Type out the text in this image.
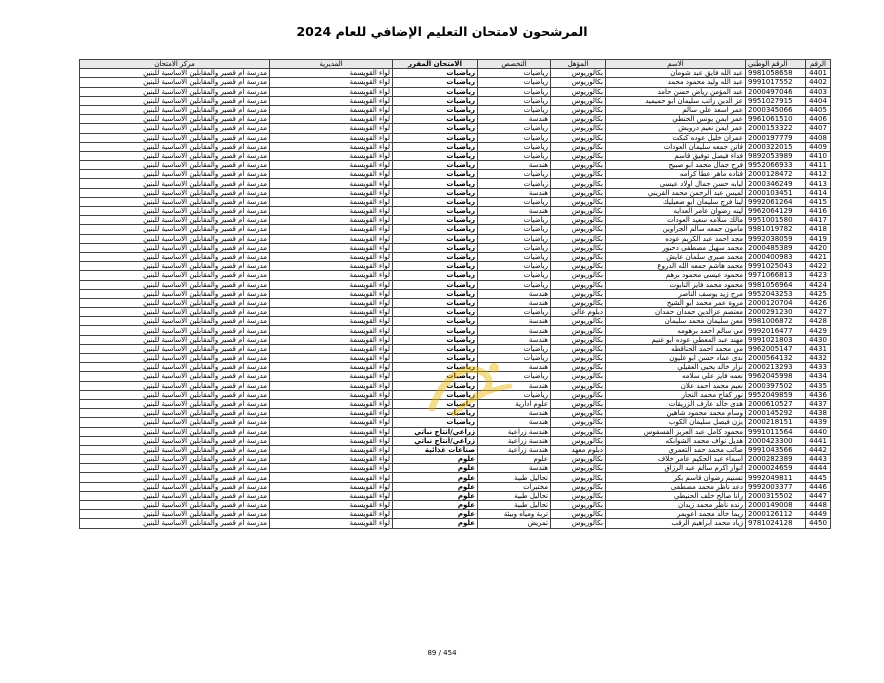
المرشحون لامتحان التعليم الإضافي للعام 2024
الرقم	الرقم الوطني	الاسم	المؤهل	التخصص	الامتحان المقرر	المديرية	مركز الامتحان
4401	9981058658	عبد الله فايق عبد شومان	بكالوريوس	رياضيات	رياضيات	لواء القويسمة	مدرسة ام قصير والمقابلين الاساسية للبنين
4402	9991017552	عبد الله وليد محمود محمد	بكالوريوس	رياضيات	رياضيات	لواء القويسمة	مدرسة ام قصير والمقابلين الاساسية للبنين
4403	2000497046	عبد المؤمن رياض حسن حامد	بكالوريوس	رياضيات	رياضيات	لواء القويسمة	مدرسة ام قصير والمقابلين الاساسية للبنين
4404	9951027915	عز الدين راتب سليمان ابو حميميد	بكالوريوس	رياضيات	رياضيات	لواء القويسمة	مدرسة ام قصير والمقابلين الاساسية للبنين
4405	2000345066	عمر اسعد علي سالم	بكالوريوس	رياضيات	رياضيات	لواء القويسمة	مدرسة ام قصير والمقابلين الاساسية للبنين
4406	9961061510	عمر ايمن يونس الحنطي	بكالوريوس	هندسة	رياضيات	لواء القويسمة	مدرسة ام قصير والمقابلين الاساسية للبنين
4407	2000153322	عمر ايمن نعيم درويش	بكالوريوس	رياضيات	رياضيات	لواء القويسمة	مدرسة ام قصير والمقابلين الاساسية للبنين
4408	2000197779	عمران خليل عوده كنكت	بكالوريوس	رياضيات	رياضيات	لواء القويسمة	مدرسة ام قصير والمقابلين الاساسية للبنين
4409	2000322015	فاتن جمعه سليمان العودات	بكالوريوس	رياضيات	رياضيات	لواء القويسمة	مدرسة ام قصير والمقابلين الاساسية للبنين
4410	9892053989	فداء فيصل توفيق قاسم	بكالوريوس	رياضيات	رياضيات	لواء القويسمة	مدرسة ام قصير والمقابلين الاساسية للبنين
4411	9952066933	فرح جمال محمد ابو صبيح	بكالوريوس	هندسة	رياضيات	لواء القويسمة	مدرسة ام قصير والمقابلين الاساسية للبنين
4412	2000128472	قتاده ماهر عطا كرامه	بكالوريوس	رياضيات	رياضيات	لواء القويسمة	مدرسة ام قصير والمقابلين الاساسية للبنين
4413	2000346249	لبابه حسن جمال اولاد عيسى	بكالوريوس	رياضيات	رياضيات	لواء القويسمة	مدرسة ام قصير والمقابلين الاساسية للبنين
4414	2000103451	لميس عبد الرحمن محمد القريني	بكالوريوس	هندسة	رياضيات	لواء القويسمة	مدرسة ام قصير والمقابلين الاساسية للبنين
4415	9992061264	لينا فرج سليمان ابو صعيليك	بكالوريوس	رياضيات	رياضيات	لواء القويسمة	مدرسة ام قصير والمقابلين الاساسية للبنين
4416	9962064129	لينه رضوان عامر العدايه	بكالوريوس	هندسة	رياضيات	لواء القويسمة	مدرسة ام قصير والمقابلين الاساسية للبنين
4417	9951001580	مالك سلامه سعيد العودات	بكالوريوس	رياضيات	رياضيات	لواء القويسمة	مدرسة ام قصير والمقابلين الاساسية للبنين
4418	9981019782	مأمون جمعه سالم الجراوين	بكالوريوس	رياضيات	رياضيات	لواء القويسمة	مدرسة ام قصير والمقابلين الاساسية للبنين
4419	9992038059	مجد احمد عبد الكريم عوده	بكالوريوس	رياضيات	رياضيات	لواء القويسمة	مدرسة ام قصير والمقابلين الاساسية للبنين
4420	2000485389	محمد سهيل مصطفى دحبور	بكالوريوس	رياضيات	رياضيات	لواء القويسمة	مدرسة ام قصير والمقابلين الاساسية للبنين
4421	2000400983	محمد صبري سلمان عايش	بكالوريوس	رياضيات	رياضيات	لواء القويسمة	مدرسة ام قصير والمقابلين الاساسية للبنين
4422	9991025043	محمد هاشم جمعه الله الدروع	بكالوريوس	رياضيات	رياضيات	لواء القويسمة	مدرسة ام قصير والمقابلين الاساسية للبنين
4423	9971066813	محمود عيسى محمود برهم	بكالوريوس	رياضيات	رياضيات	لواء القويسمة	مدرسة ام قصير والمقابلين الاساسية للبنين
4424	9981056964	محمود محمد فايز النابوت	بكالوريوس	رياضيات	رياضيات	لواء القويسمة	مدرسة ام قصير والمقابلين الاساسية للبنين
4425	9952043253	مرح زيد يوسف الناصر	بكالوريوس	هندسة	رياضيات	لواء القويسمة	مدرسة ام قصير والمقابلين الاساسية للبنين
4426	2000120704	مروة عمر محمد ابو الشيخ	بكالوريوس	هندسة	رياضيات	لواء القويسمة	مدرسة ام قصير والمقابلين الاساسية للبنين
4427	2000291230	معتصم عزالدين حمدان حمدان	دبلوم عالي	رياضيات	رياضيات	لواء القويسمة	مدرسة ام قصير والمقابلين الاساسية للبنين
4428	9981006872	معن سليمان محمد سليمان	بكالوريوس	هندسة	رياضيات	لواء القويسمة	مدرسة ام قصير والمقابلين الاساسية للبنين
4429	9992016477	مي سالم احمد برهومه	بكالوريوس	هندسة	رياضيات	لواء القويسمة	مدرسة ام قصير والمقابلين الاساسية للبنين
4430	9991021803	مهند عبد المعطي عوده ابو غنيم	بكالوريوس	هندسة	رياضيات	لواء القويسمة	مدرسة ام قصير والمقابلين الاساسية للبنين
4431	9962005147	مي محمد احمد الحناقطه	بكالوريوس	رياضيات	رياضيات	لواء القويسمة	مدرسة ام قصير والمقابلين الاساسية للبنين
4432	2000564132	ندى عماد حسن ابو غليون	بكالوريوس	رياضيات	رياضيات	لواء القويسمة	مدرسة ام قصير والمقابلين الاساسية للبنين
4433	2000213293	نزار خالد يحيى العقيلي	بكالوريوس	هندسة	رياضيات	لواء القويسمة	مدرسة ام قصير والمقابلين الاساسية للبنين
4434	9962045998	نعمه فايز علي سلامه	بكالوريوس	رياضيات	رياضيات	لواء القويسمة	مدرسة ام قصير والمقابلين الاساسية للبنين
4435	2000397502	نعيم محمد احمد علان	بكالوريوس	هندسة	رياضيات	لواء القويسمة	مدرسة ام قصير والمقابلين الاساسية للبنين
4436	9952049859	نور كفاح محمد النجار	بكالوريوس	رياضيات	رياضيات	لواء القويسمة	مدرسة ام قصير والمقابلين الاساسية للبنين
4437	2000610527	هدى خالد عارف الزريقات	بكالوريوس	علوم ادارية	رياضيات	لواء القويسمة	مدرسة ام قصير والمقابلين الاساسية للبنين
4438	2000145292	وسام محمد محمود شاهين	بكالوريوس	هندسة	رياضيات	لواء القويسمة	مدرسة ام قصير والمقابلين الاساسية للبنين
4439	2000218151	يزن فيصل سليمان الكوب	بكالوريوس	هندسة	رياضيات	لواء القويسمة	مدرسة ام قصير والمقابلين الاساسية للبنين
4440	9991011564	محمود كامل عبد العزيز الفسفوس	بكالوريوس	هندسة زراعية	زراعي/انتاج نباتي	لواء القويسمة	مدرسة ام قصير والمقابلين الاساسية للبنين
4441	2000423300	هديل نواف محمد الشوابكه	بكالوريوس	هندسة زراعية	زراعي/انتاج نباتي	لواء القويسمة	مدرسة ام قصير والمقابلين الاساسية للبنين
4442	9991043566	صائب محمد حمد التعمري	دبلوم معهد	هندسة زراعية	صناعات غذائية	لواء القويسمة	مدرسة ام قصير والمقابلين الاساسية للبنين
4443	2000282389	اسماء عبد الحكيم عامر خلاف	بكالوريوس	علوم	علوم	لواء القويسمة	مدرسة ام قصير والمقابلين الاساسية للبنين
4444	2000024659	انوار اكرم سالم عبد الرزاق	بكالوريوس	هندسة	علوم	لواء القويسمة	مدرسة ام قصير والمقابلين الاساسية للبنين
4445	9992049811	تسنيم رضوان قاسم بكر	بكالوريوس	تحاليل طبية	علوم	لواء القويسمة	مدرسة ام قصير والمقابلين الاساسية للبنين
4446	9992003377	دعد ناظر محمد مصطفى	بكالوريوس	مختبرات	علوم	لواء القويسمة	مدرسة ام قصير والمقابلين الاساسية للبنين
4447	2000315502	رانا صالح خلف الحنيطي	بكالوريوس	تحاليل طبية	علوم	لواء القويسمة	مدرسة ام قصير والمقابلين الاساسية للبنين
4448	2000149008	رنده ناظر محمد زيدان	بكالوريوس	تحاليل طبية	علوم	لواء القويسمة	مدرسة ام قصير والمقابلين الاساسية للبنين
4449	2000126112	ريما خالد محمد اعويمر	بكالوريوس	تربة ومياه وبيئة	علوم	لواء القويسمة	مدرسة ام قصير والمقابلين الاساسية للبنين
4450	9781024128	زياد محمد ابراهيم الرقب	بكالوريوس	تمريض	علوم	لواء القويسمة	مدرسة ام قصير والمقابلين الاساسية للبنين
89 / 454
